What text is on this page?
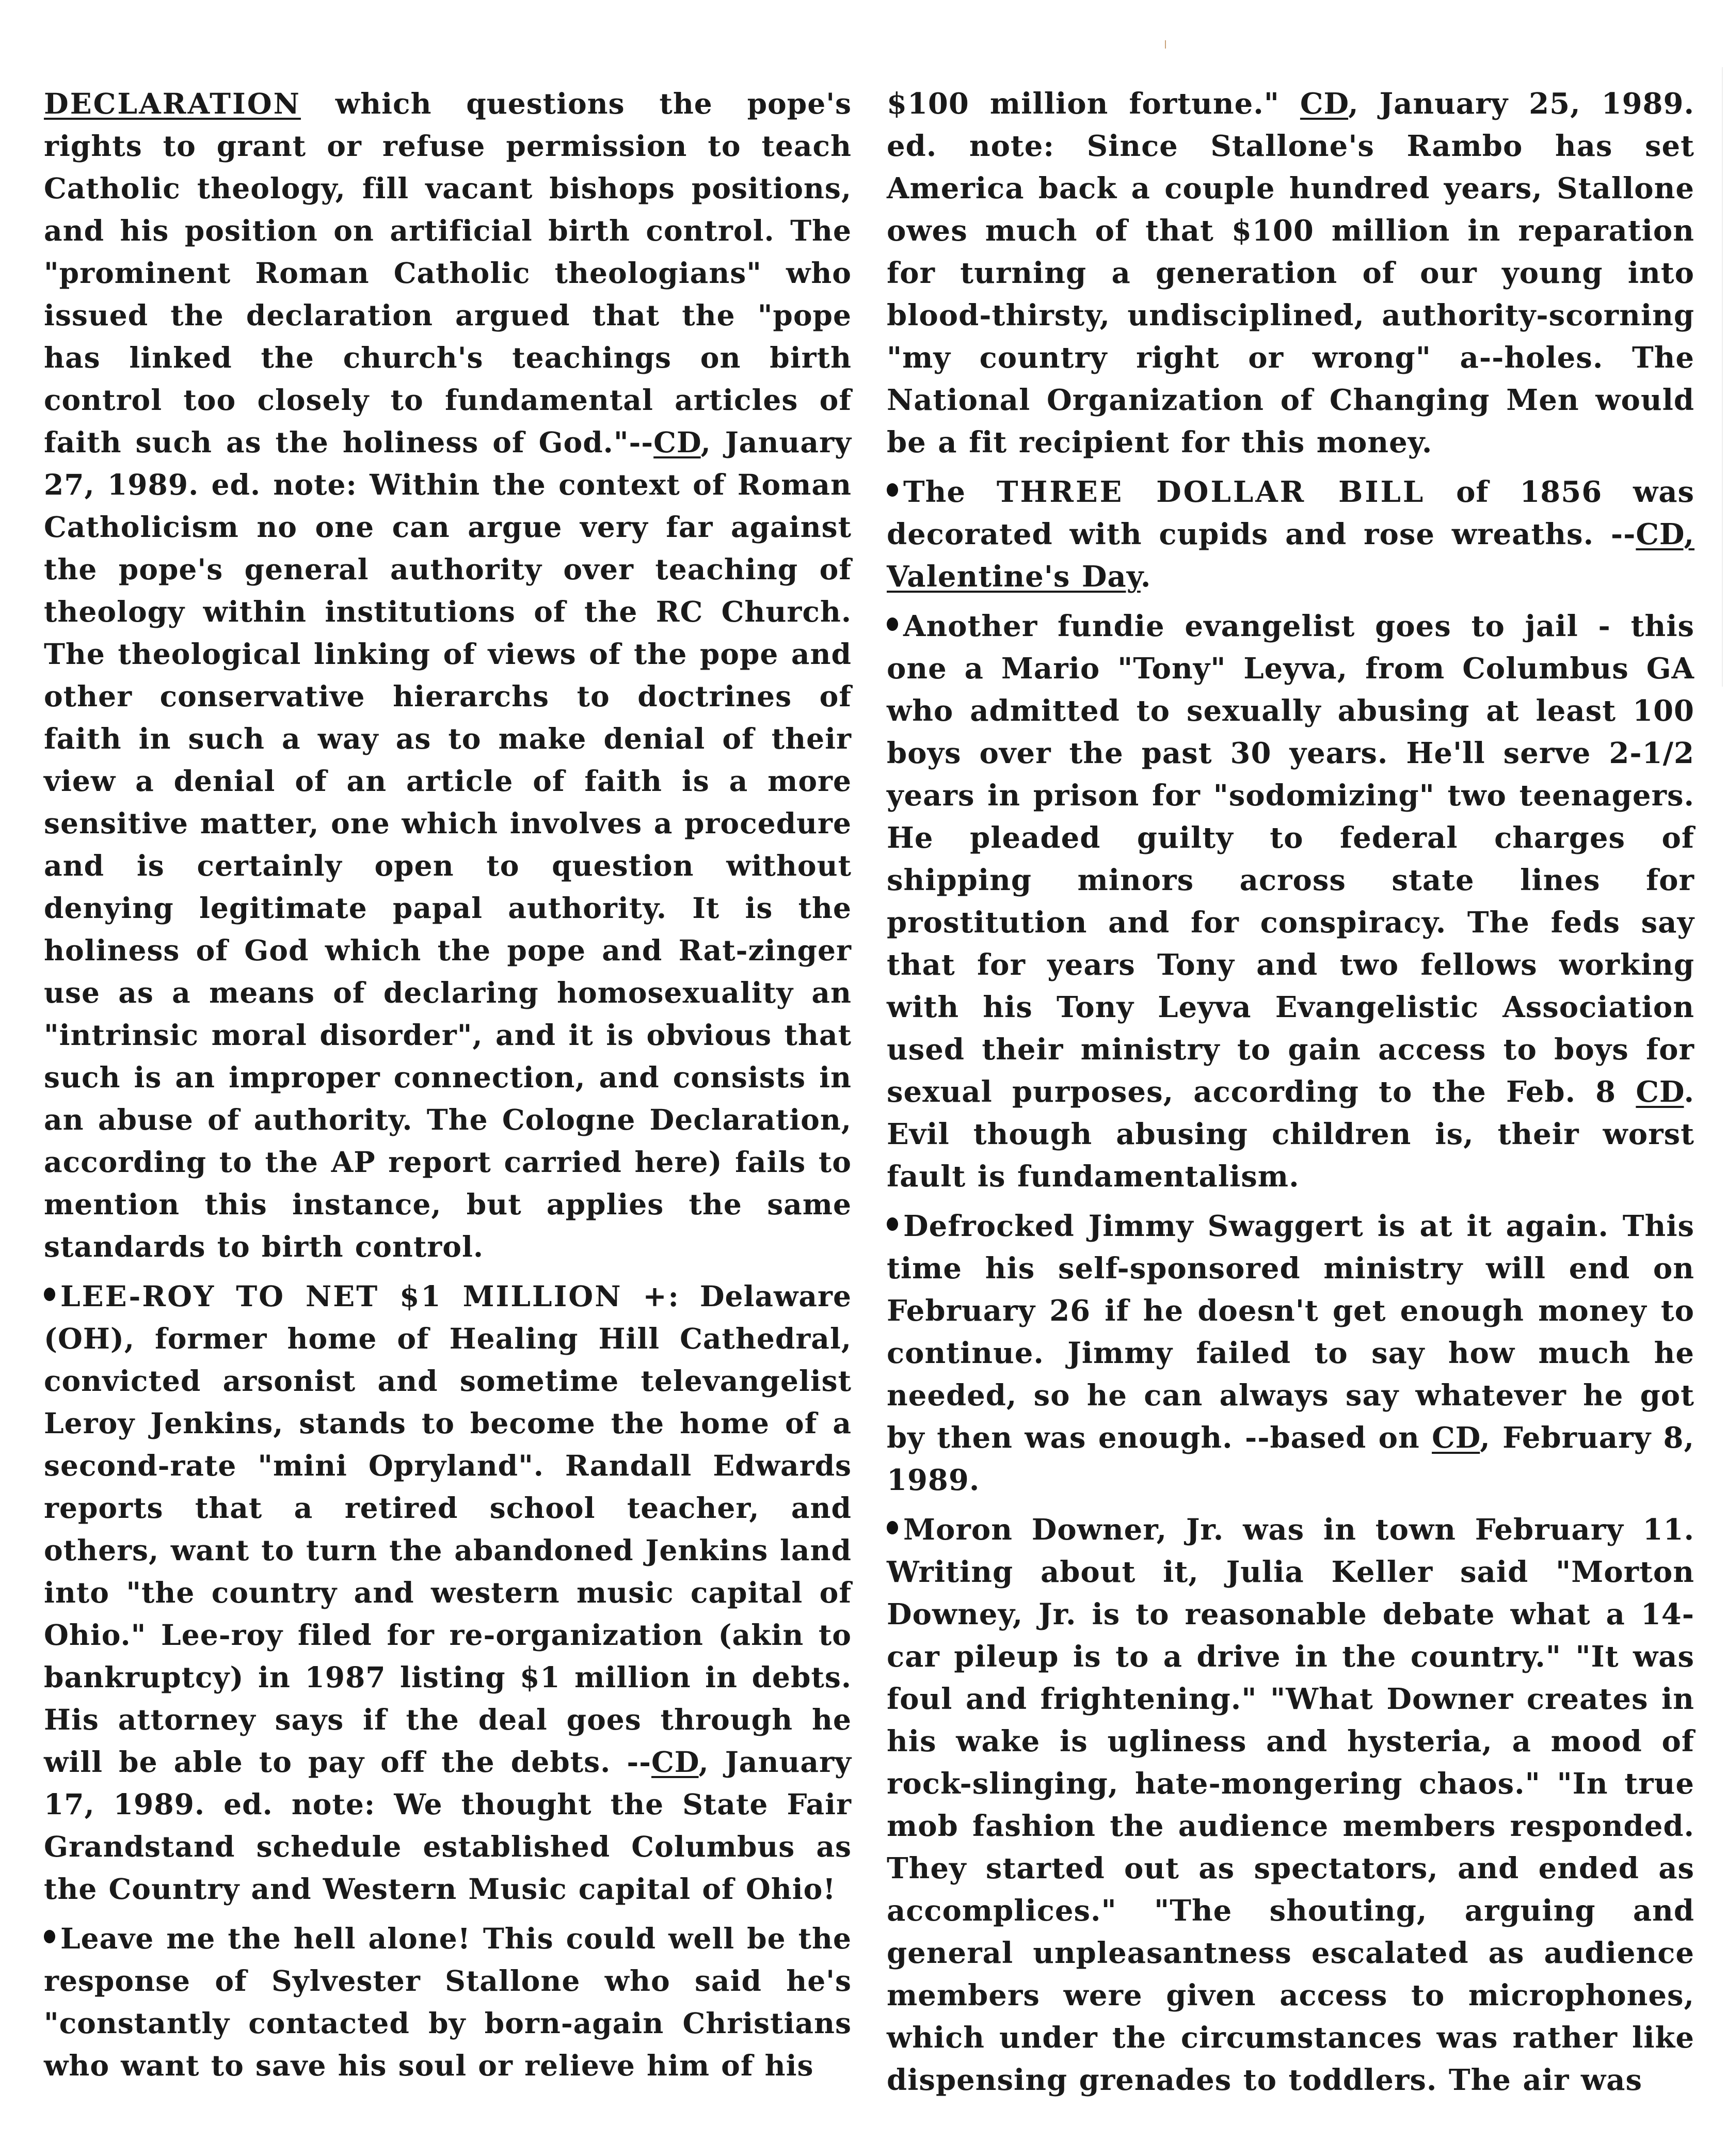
DECLARATION which questions the pope's rights to grant or refuse permission to teach Catholic theology, fill vacant bishops positions, and his position on artificial birth control. The "prominent Roman Catholic theologians" who issued the declaration argued that the "pope has linked the church's teachings on birth control too closely to fundamental articles of faith such as the holiness of God."--CD, January 27, 1989. ed. note: Within the context of Roman Catholicism no one can argue very far against the pope's general authority over teaching of theology within institutions of the RC Church. The theological linking of views of the pope and other conservative hierarchs to doctrines of faith in such a way as to make denial of their view a denial of an article of faith is a more sensitive matter, one which involves a procedure and is certainly open to question without denying legitimate papal authority. It is the holiness of God which the pope and Rat-zinger use as a means of declaring homosexuality an "intrinsic moral disorder", and it is obvious that such is an improper connection, and consists in an abuse of authority. The Cologne Declaration, according to the AP report carried here) fails to mention this instance, but applies the same standards to birth control.

LEE-ROY TO NET $1 MILLION +: Delaware (OH), former home of Healing Hill Cathedral, convicted arsonist and sometime televangelist Leroy Jenkins, stands to become the home of a second-rate "mini Opryland". Randall Edwards reports that a retired school teacher, and others, want to turn the abandoned Jenkins land into "the country and western music capital of Ohio." Lee-roy filed for re-organization (akin to bankruptcy) in 1987 listing $1 million in debts. His attorney says if the deal goes through he will be able to pay off the debts. --CD, January 17, 1989. ed. note: We thought the State Fair Grandstand schedule established Columbus as the Country and Western Music capital of Ohio!

Leave me the hell alone! This could well be the response of Sylvester Stallone who said he's "constantly contacted by born-again Christians who want to save his soul or relieve him of his

$100 million fortune." CD, January 25, 1989. ed. note: Since Stallone's Rambo has set America back a couple hundred years, Stallone owes much of that $100 million in reparation for turning a generation of our young into blood-thirsty, undisciplined, authority-scorning "my country right or wrong" a--holes. The National Organization of Changing Men would be a fit recipient for this money.

The THREE DOLLAR BILL of 1856 was decorated with cupids and rose wreaths. --CD, Valentine's Day.

Another fundie evangelist goes to jail - this one a Mario "Tony" Leyva, from Columbus GA who admitted to sexually abusing at least 100 boys over the past 30 years. He'll serve 2-1/2 years in prison for "sodomizing" two teenagers. He pleaded guilty to federal charges of shipping minors across state lines for prostitution and for conspiracy. The feds say that for years Tony and two fellows working with his Tony Leyva Evangelistic Association used their ministry to gain access to boys for sexual purposes, according to the Feb. 8 CD. Evil though abusing children is, their worst fault is fundamentalism.

Defrocked Jimmy Swaggert is at it again. This time his self-sponsored ministry will end on February 26 if he doesn't get enough money to continue. Jimmy failed to say how much he needed, so he can always say whatever he got by then was enough. --based on CD, February 8, 1989.

Moron Downer, Jr. was in town February 11. Writing about it, Julia Keller said "Morton Downey, Jr. is to reasonable debate what a 14-car pileup is to a drive in the country." "It was foul and frightening." "What Downer creates in his wake is ugliness and hysteria, a mood of rock-slinging, hate-mongering chaos." "In true mob fashion the audience members responded. They started out as spectators, and ended as accomplices." "The shouting, arguing and general unpleasantness escalated as audience members were given access to microphones, which under the circumstances was rather like dispensing grenades to toddlers. The air was
